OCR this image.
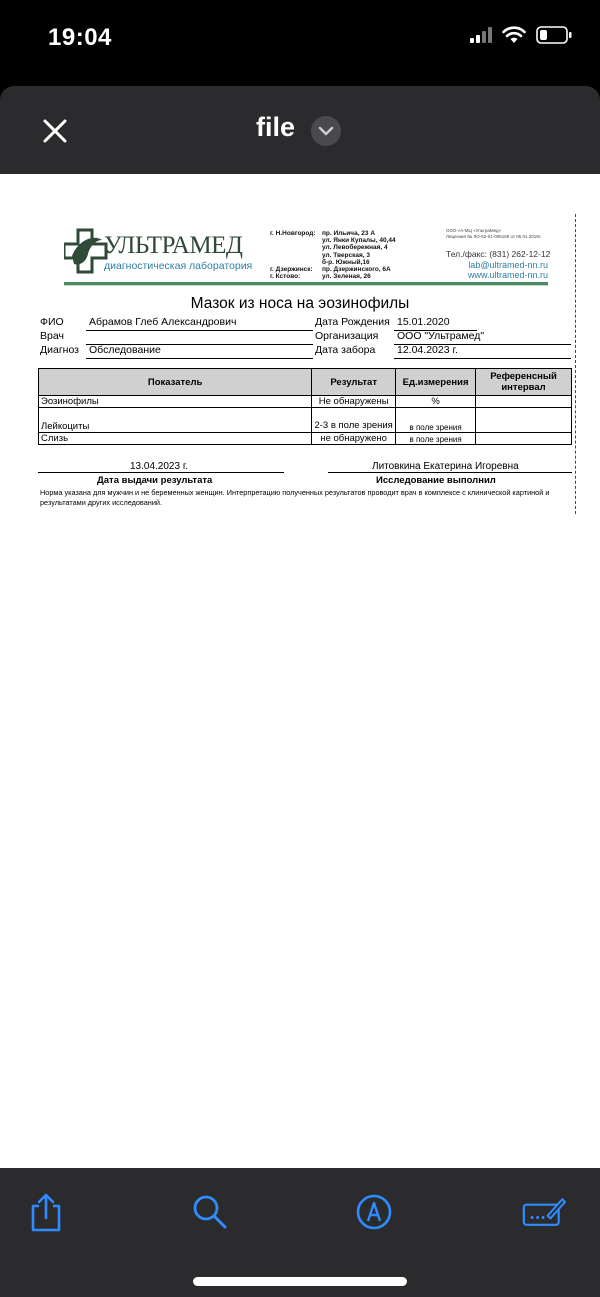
19:04
file
УЛЬТРАМЕД
диагностическая лаборатория
г. Н.Новгород: пр. Ильича, 23 А
ул. Янки Купалы, 40,44
ул. Левобережная, 4
ул. Тверская, 3
б-р. Южный,16
г. Дзержинск: пр. Дзержинского, 6А
г. Кстово:	ул. Зеленая, 26
ООО «А-МЦ «УльтраМед»
Лицензия № ЛО-52-01-006169 от 05.01.2018г.
Тел./факс: (831) 262-12-12
lab@ultramed-nn.ru
www.ultramed-nn.ru
Мазок из носа на эозинофилы
ФИО Абрамов Глеб Александрович
Врач
Диагноз Обследование
Дата Рождения 15.01.2020
Организация ООО "Ультрамед"
Дата забора 12.04.2023 г.
Показатель	Результат	Ед.измерения	Референсный интервал
Эозинофилы	Не обнаружены	%	
Лейкоциты	2-3 в поле зрения	в поле зрения	
Слизь	не обнаружено	в поле зрения	
13.04.2023 г.
Дата выдачи результата
Литовкина Екатерина Игоревна
Исследование выполнил
Норма указана для мужчин и не беременных женщин. Интерпретацию полученных результатов проводит врач в комплексе с клинической картиной и результатами других исследований.
